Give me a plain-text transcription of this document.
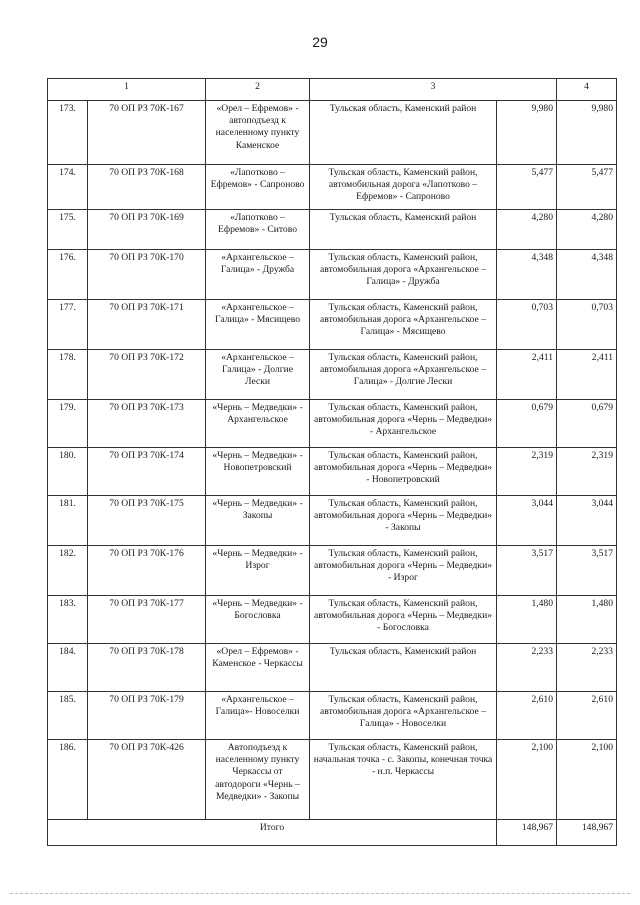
29
1		2	3		4
173.	70 ОП РЗ 70К-167	«Орел – Ефремов» - автоподъезд к населенному пункту Каменское	Тульская область, Каменский район	9,980	9,980
174.	70 ОП РЗ 70К-168	«Лапотково – Ефремов» - Сапроново	Тульская область, Каменский район, автомобильная дорога «Лапотково – Ефремов» - Сапроново	5,477	5,477
175.	70 ОП РЗ 70К-169	«Лапотково – Ефремов» - Ситово	Тульская область, Каменский район	4,280	4,280
176.	70 ОП РЗ 70К-170	«Архангельское – Галица» - Дружба	Тульская область, Каменский район, автомобильная дорога «Архангельское – Галица» - Дружба	4,348	4,348
177.	70 ОП РЗ 70К-171	«Архангельское – Галица» - Мясищево	Тульская область, Каменский район, автомобильная дорога «Архангельское – Галица» - Мясищево	0,703	0,703
178.	70 ОП РЗ 70К-172	«Архангельское – Галица» - Долгие Лески	Тульская область, Каменский район, автомобильная дорога «Архангельское – Галица» - Долгие Лески	2,411	2,411
179.	70 ОП РЗ 70К-173	«Чернь – Медведки» - Архангельское	Тульская область, Каменский район, автомобильная дорога «Чернь – Медведки» - Архангельское	0,679	0,679
180.	70 ОП РЗ 70К-174	«Чернь – Медведки» - Новопетровский	Тульская область, Каменский район, автомобильная дорога «Чернь – Медведки» - Новопетровский	2,319	2,319
181.	70 ОП РЗ 70К-175	«Чернь – Медведки» - Закопы	Тульская область, Каменский район, автомобильная дорога «Чернь – Медведки» - Закопы	3,044	3,044
182.	70 ОП РЗ 70К-176	«Чернь – Медведки» - Изрог	Тульская область, Каменский район, автомобильная дорога «Чернь – Медведки» - Изрог	3,517	3,517
183.	70 ОП РЗ 70К-177	«Чернь – Медведки» - Богословка	Тульская область, Каменский район, автомобильная дорога «Чернь – Медведки» - Богословка	1,480	1,480
184.	70 ОП РЗ 70К-178	«Орел – Ефремов» - Каменское - Черкассы	Тульская область, Каменский район	2,233	2,233
185.	70 ОП РЗ 70К-179	«Архангельское – Галица»- Новоселки	Тульская область, Каменский район, автомобильная дорога «Архангельское – Галица» - Новоселки	2,610	2,610
186.	70 ОП РЗ 70К-426	Автоподъезд к населенному пункту Черкассы от автодороги «Чернь – Медведки» - Закопы	Тульская область, Каменский район, начальная точка - с. Закопы, конечная точка - н.п. Черкассы	2,100	2,100
Итого				148,967	148,967
